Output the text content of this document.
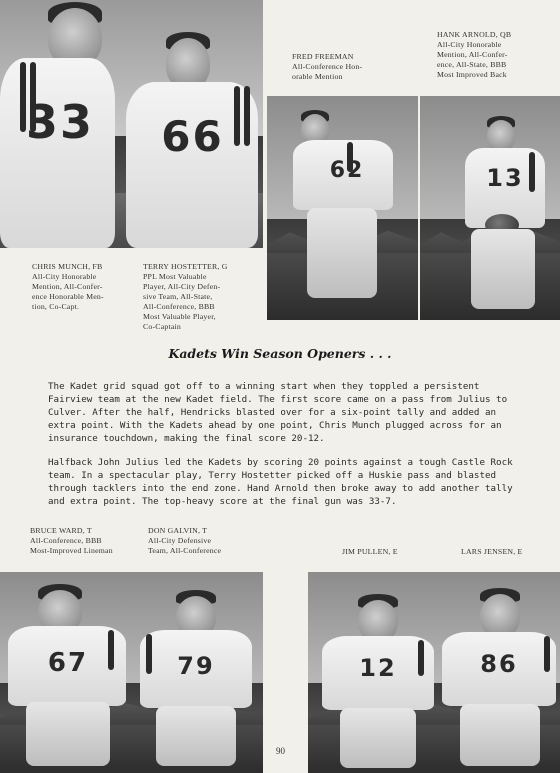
33	66
62	13
FRED FREEMAN
All-Conference Hon-
orable Mention
HANK ARNOLD, QB
All-City Honorable
Mention, All-Confer-
ence, All-State, BBB
Most Improved Back
CHRIS MUNCH, FB
All-City Honorable
Mention, All-Confer-
ence Honorable Men-
tion, Co-Capt.
TERRY HOSTETTER, G
PPL Most Valuable
Player, All-City Defen-
sive Team, All-State,
All-Conference, BBB
Most Valuable Player,
Co-Captain
Kadets Win Season Openers . . .

The Kadet grid squad got off to a winning start when they toppled a persistent Fairview team at the new Kadet field. The first score came on a pass from Julius to Culver. After the half, Hendricks blasted over for a six-point tally and added an extra point. With the Kadets ahead by one point, Chris Munch plugged across for an insurance touchdown, making the final score 20-12.

Halfback John Julius led the Kadets by scoring 20 points against a tough Castle Rock team. In a spectacular play, Terry Hostetter picked off a Huskie pass and blasted through tacklers into the end zone. Hand Arnold then broke away to add another tally and extra point. The top-heavy score at the final gun was 33-7.

BRUCE WARD, T
All-Conference, BBB
Most-Improved Lineman
DON GALVIN, T
All-City Defensive
Team, All-Conference	JIM PULLEN, E	LARS JENSEN, E
67	79	12	86
90
